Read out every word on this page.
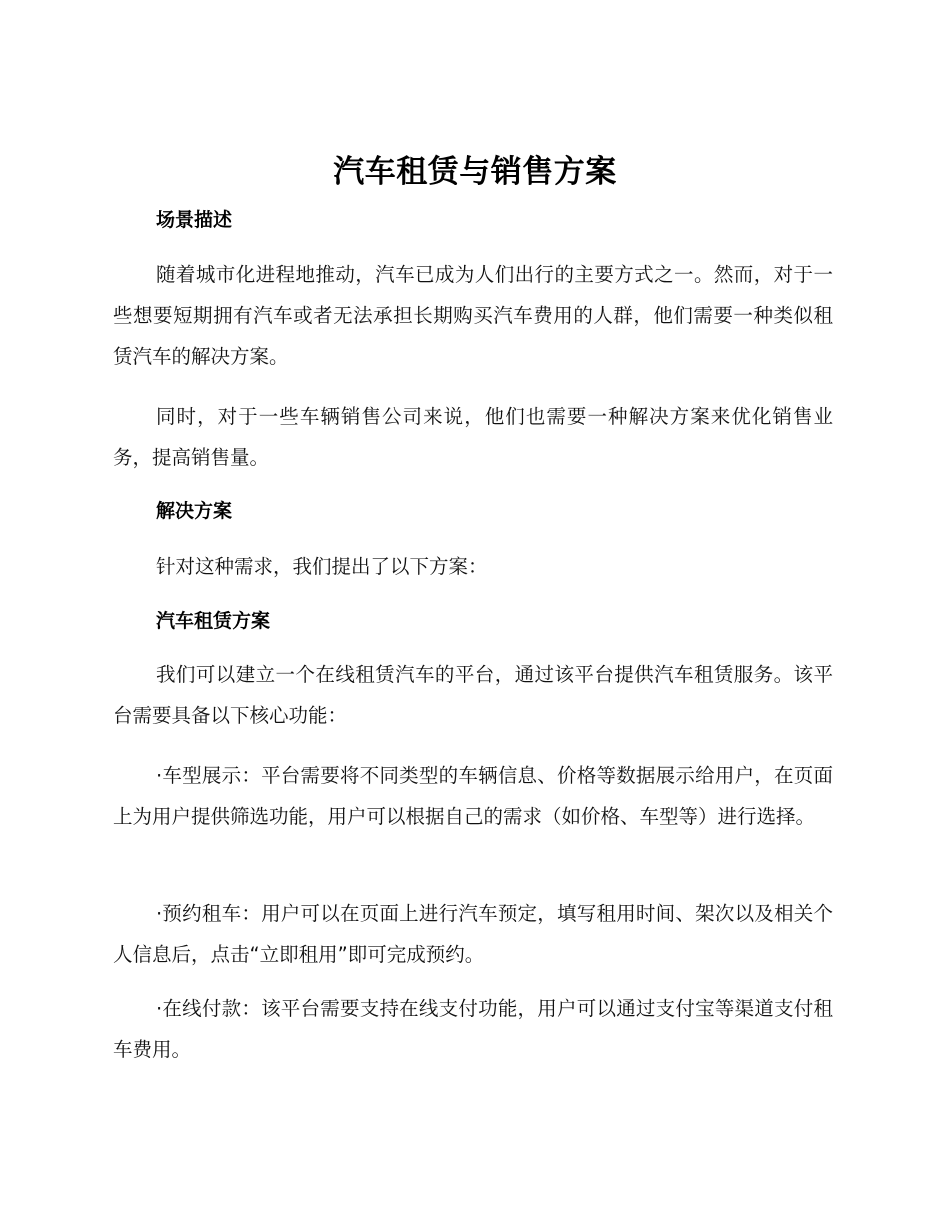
汽车租赁与销售方案
场景描述

随着城市化进程地推动，汽车已成为人们出行的主要方式之一。然而，对于一些想要短期拥有汽车或者无法承担长期购买汽车费用的人群，他们需要一种类似租赁汽车的解决方案。

同时，对于一些车辆销售公司来说，他们也需要一种解决方案来优化销售业务，提高销售量。

解决方案

针对这种需求，我们提出了以下方案：

汽车租赁方案

我们可以建立一个在线租赁汽车的平台，通过该平台提供汽车租赁服务。该平台需要具备以下核心功能：

·车型展示：平台需要将不同类型的车辆信息、价格等数据展示给用户，在页面上为用户提供筛选功能，用户可以根据自己的需求（如价格、车型等）进行选择。

·预约租车：用户可以在页面上进行汽车预定，填写租用时间、架次以及相关个人信息后，点击“立即租用”即可完成预约。

·在线付款：该平台需要支持在线支付功能，用户可以通过支付宝等渠道支付租车费用。
